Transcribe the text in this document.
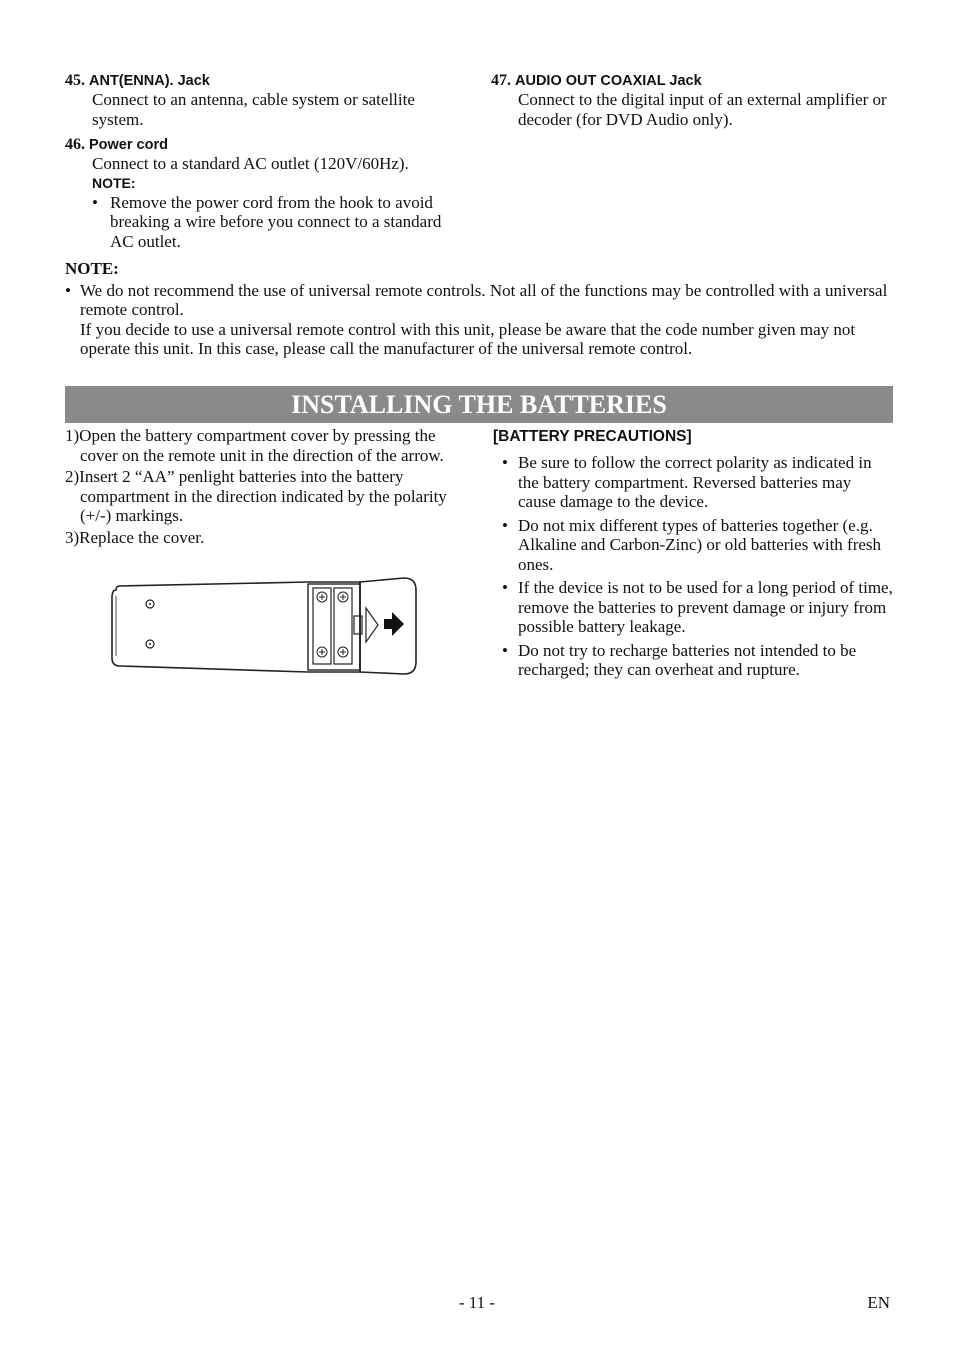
45. ANT(ENNA). Jack
Connect to an antenna, cable system or satellite system.
46. Power cord
Connect to a standard AC outlet (120V/60Hz).
NOTE:
• Remove the power cord from the hook to avoid breaking a wire before you connect to a standard AC outlet.
47. AUDIO OUT COAXIAL Jack
Connect to the digital input of an external amplifier or decoder (for DVD Audio only).
NOTE:
• We do not recommend the use of universal remote controls. Not all of the functions may be controlled with a universal remote control.
If you decide to use a universal remote control with this unit, please be aware that the code number given may not operate this unit. In this case, please call the manufacturer of the universal remote control.
INSTALLING THE BATTERIES
1)Open the battery compartment cover by pressing the cover on the remote unit in the direction of the arrow.
2)Insert 2 “AA” penlight batteries into the battery compartment in the direction indicated by the polarity (+/-) markings.
3)Replace the cover.
[BATTERY PRECAUTIONS]
• Be sure to follow the correct polarity as indicated in the battery compartment. Reversed batteries may cause damage to the device.
• Do not mix different types of batteries together (e.g. Alkaline and Carbon-Zinc) or old batteries with fresh ones.
• If the device is not to be used for a long period of time, remove the batteries to prevent damage or injury from possible battery leakage.
• Do not try to recharge batteries not intended to be recharged; they can overheat and rupture.
- 11 -	EN
